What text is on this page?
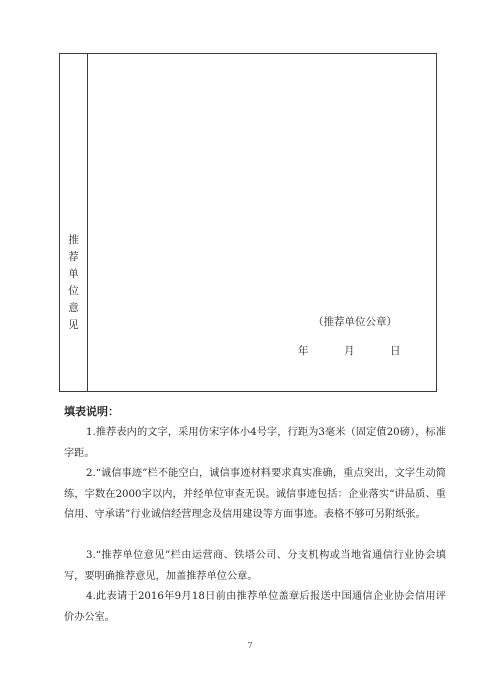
推
荐
单
位
意
见	（推荐单位公章）
年	月	日
填表说明：
1.推荐表内的文字，采用仿宋字体小4号字，行距为3毫米（固定值20磅），标准字距。
2.“诚信事迹”栏不能空白，诚信事迹材料要求真实准确，重点突出，文字生动简练，字数在2000字以内，并经单位审查无误。诚信事迹包括：企业落实“讲品质、重信用、守承诺”行业诚信经营理念及信用建设等方面事迹。表格不够可另附纸张。
3.“推荐单位意见”栏由运营商、铁塔公司、分支机构或当地省通信行业协会填写，要明确推荐意见，加盖推荐单位公章。
4.此表请于2016年9月18日前由推荐单位盖章后报送中国通信企业协会信用评价办公室。
7
